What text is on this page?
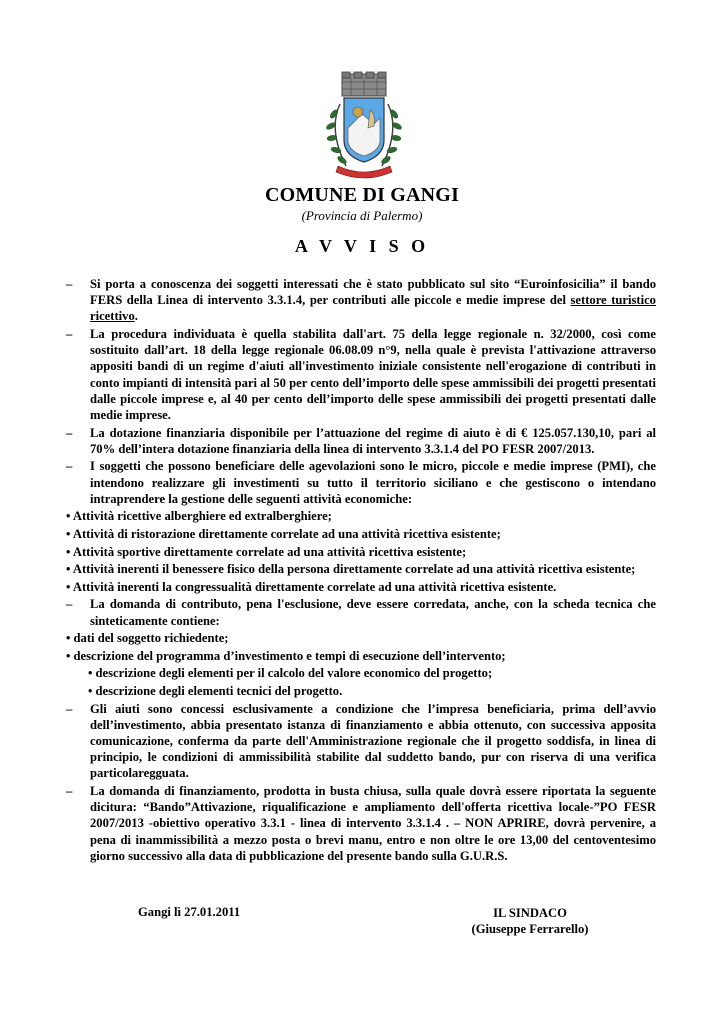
COMUNE DI GANGI
(Provincia di Palermo)
A V V I S O
– Si porta a conoscenza dei soggetti interessati che è stato pubblicato sul sito “Euroinfosicilia” il bando FERS della Linea di intervento 3.3.1.4, per contributi alle piccole e medie imprese del settore turistico ricettivo.
– La procedura individuata è quella stabilita dall'art. 75 della legge regionale n. 32/2000, così come sostituito dall’art. 18 della legge regionale 06.08.09 n°9, nella quale è prevista l'attivazione attraverso appositi bandi di un regime d'aiuti all'investimento iniziale consistente nell'erogazione di contributi in conto impianti di intensità pari al 50 per cento dell’importo delle spese ammissibili dei progetti presentati dalle piccole imprese e, al 40 per cento dell’importo delle spese ammissibili dei progetti presentati dalle medie imprese.
– La dotazione finanziaria disponibile per l’attuazione del regime di aiuto è di € 125.057.130,10, pari al 70% dell’intera dotazione finanziaria della linea di intervento 3.3.1.4 del PO FESR 2007/2013.
– I soggetti che possono beneficiare delle agevolazioni sono le micro, piccole e medie imprese (PMI), che intendono realizzare gli investimenti su tutto il territorio siciliano e che gestiscono o intendano intraprendere la gestione delle seguenti attività economiche:
• Attività ricettive alberghiere ed extralberghiere;
• Attività di ristorazione direttamente correlate ad una attività ricettiva esistente;
• Attività sportive direttamente correlate ad una attività ricettiva esistente;
• Attività inerenti il benessere fisico della persona direttamente correlate ad una attività ricettiva esistente;
• Attività inerenti la congressualità direttamente correlate ad una attività ricettiva esistente.
– La domanda di contributo, pena l'esclusione, deve essere corredata, anche, con la scheda tecnica che sinteticamente contiene:
• dati del soggetto richiedente;
• descrizione del programma d’investimento e tempi di esecuzione dell’intervento;
• descrizione degli elementi per il calcolo del valore economico del progetto;
• descrizione degli elementi tecnici del progetto.
– Gli aiuti sono concessi esclusivamente a condizione che l’impresa beneficiaria, prima dell’avvio dell’investimento, abbia presentato istanza di finanziamento e abbia ottenuto, con successiva apposita comunicazione, conferma da parte dell'Amministrazione regionale che il progetto soddisfa, in linea di principio, le condizioni di ammissibilità stabilite dal suddetto bando, pur con riserva di una verifica particolaregguata.
– La domanda di finanziamento, prodotta in busta chiusa, sulla quale dovrà essere riportata la seguente dicitura: “Bando”Attivazione, riqualificazione e ampliamento dell'offerta ricettiva locale-”PO FESR 2007/2013 -obiettivo operativo 3.3.1 - linea di intervento 3.3.1.4 . – NON APRIRE, dovrà pervenire, a pena di inammissibilità a mezzo posta o brevi manu, entro e non oltre le ore 13,00 del centoventesimo giorno successivo alla data di pubblicazione del presente bando sulla G.U.R.S.
Gangi lì 27.01.2011	IL SINDACO
(Giuseppe Ferrarello)
